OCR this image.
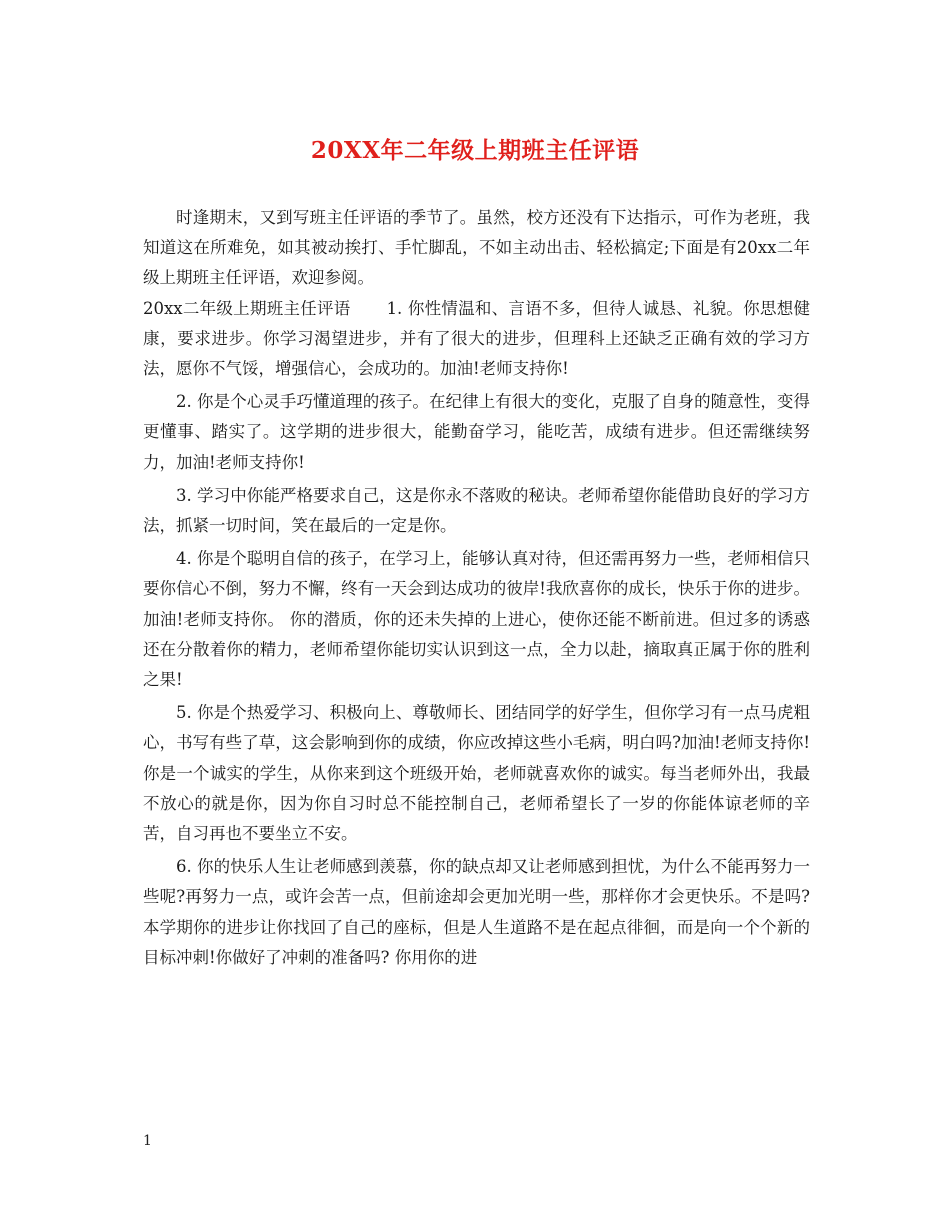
20XX年二年级上期班主任评语

时逢期末，又到写班主任评语的季节了。虽然，校方还没有下达指示，可作为老班，我知道这在所难免，如其被动挨打、手忙脚乱，不如主动出击、轻松搞定;下面是有20xx二年级上期班主任评语，欢迎参阅。

20xx二年级上期班主任评语 1. 你性情温和、言语不多，但待人诚恳、礼貌。你思想健康，要求进步。你学习渴望进步，并有了很大的进步，但理科上还缺乏正确有效的学习方法，愿你不气馁，增强信心，会成功的。加油!老师支持你!

2. 你是个心灵手巧懂道理的孩子。在纪律上有很大的变化，克服了自身的随意性，变得更懂事、踏实了。这学期的进步很大，能勤奋学习，能吃苦，成绩有进步。但还需继续努力，加油!老师支持你!

3. 学习中你能严格要求自己，这是你永不落败的秘诀。老师希望你能借助良好的学习方法，抓紧一切时间，笑在最后的一定是你。

4. 你是个聪明自信的孩子，在学习上，能够认真对待，但还需再努力一些，老师相信只要你信心不倒，努力不懈，终有一天会到达成功的彼岸!我欣喜你的成长，快乐于你的进步。加油!老师支持你。 你的潜质，你的还未失掉的上进心，使你还能不断前进。但过多的诱惑还在分散着你的精力，老师希望你能切实认识到这一点，全力以赴，摘取真正属于你的胜利之果!

5. 你是个热爱学习、积极向上、尊敬师长、团结同学的好学生，但你学习有一点马虎粗心，书写有些了草，这会影响到你的成绩，你应改掉这些小毛病，明白吗?加油!老师支持你! 你是一个诚实的学生，从你来到这个班级开始，老师就喜欢你的诚实。每当老师外出，我最不放心的就是你，因为你自习时总不能控制自己，老师希望长了一岁的你能体谅老师的辛苦，自习再也不要坐立不安。

6. 你的快乐人生让老师感到羡慕，你的缺点却又让老师感到担忧，为什么不能再努力一些呢?再努力一点，或许会苦一点，但前途却会更加光明一些，那样你才会更快乐。不是吗? 本学期你的进步让你找回了自己的座标，但是人生道路不是在起点徘徊，而是向一个个新的目标冲刺!你做好了冲刺的准备吗? 你用你的进

1
